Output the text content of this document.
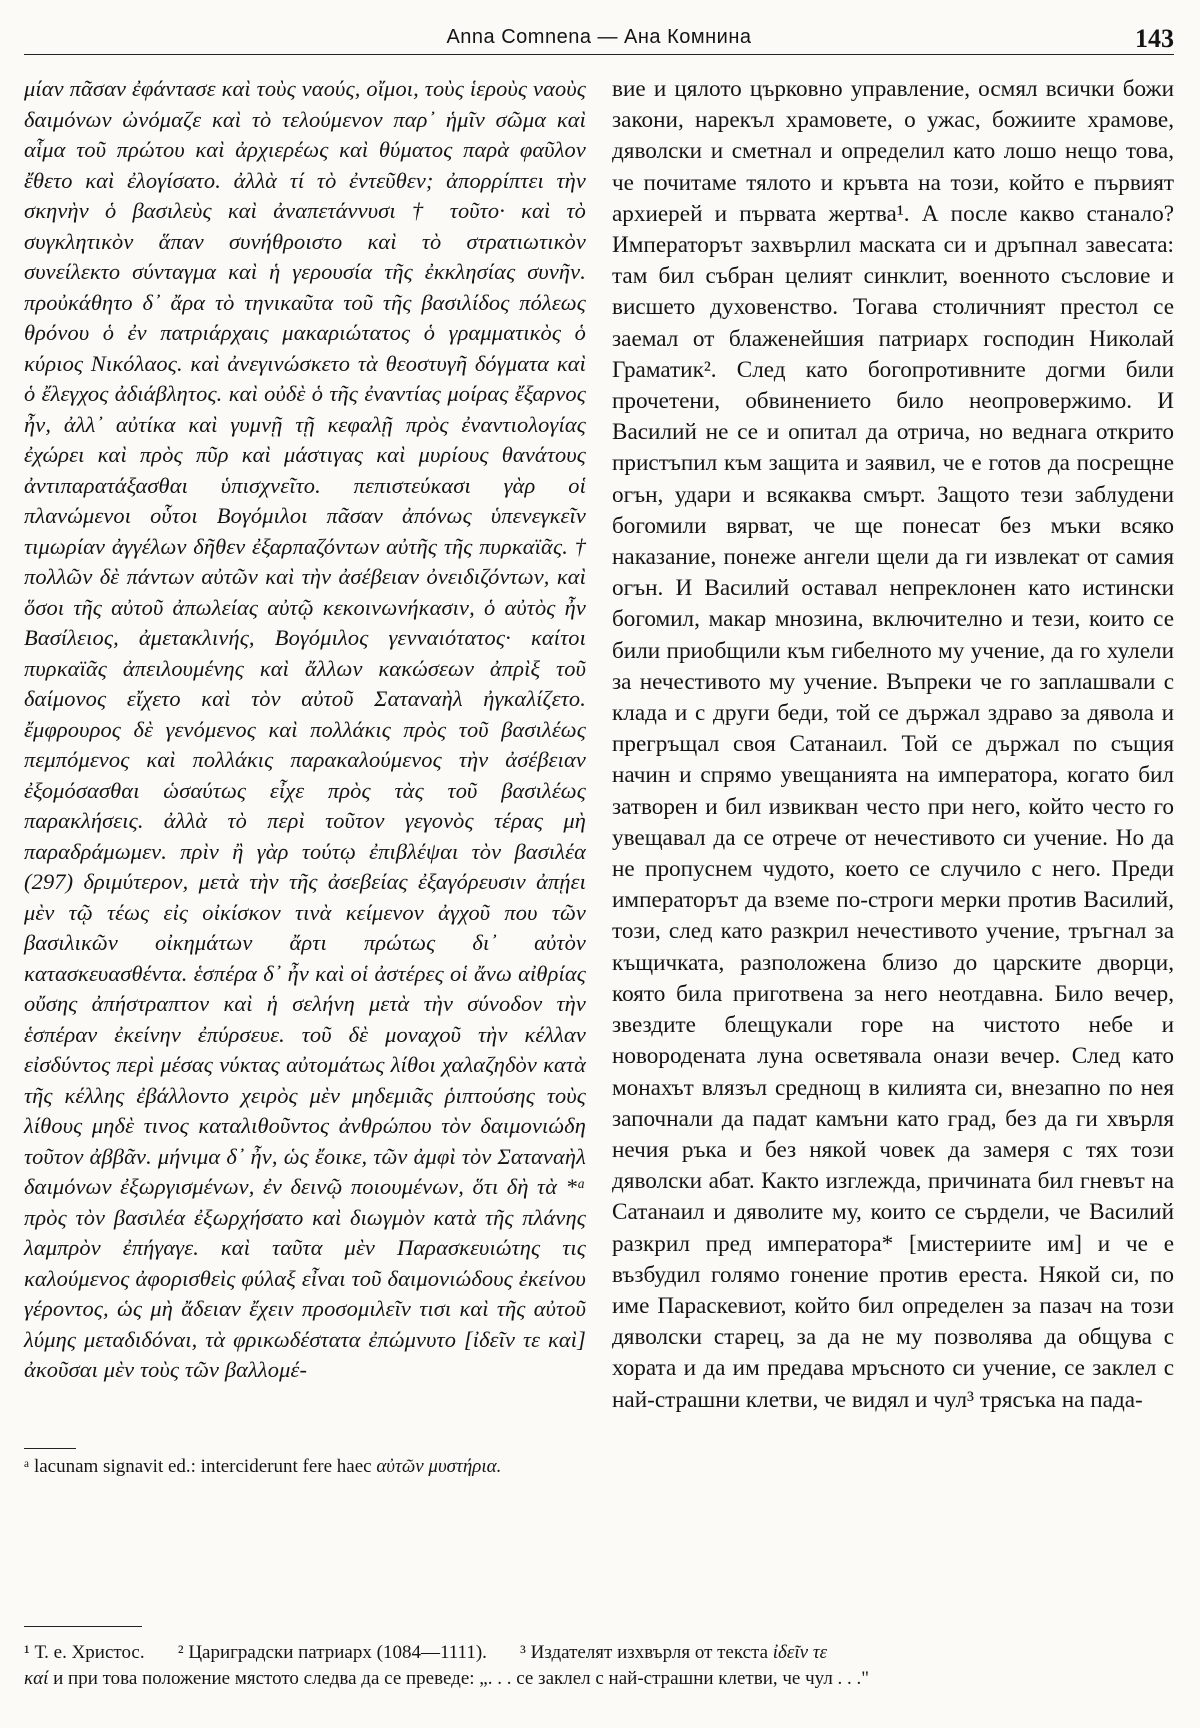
Anna Comnena — Ана Комнина	143

μίαν πᾶσαν ἐφάντασε καὶ τοὺς ναούς, οἴμοι, τοὺς ἱεροὺς ναοὺς δαιμόνων ὠνόμαζε καὶ τὸ τελούμενον παρ᾽ ἡμῖν σῶμα καὶ αἷμα τοῦ πρώτου καὶ ἀρχιερέως καὶ θύματος παρὰ φαῦλον ἔθετο καὶ ἐλογίσατο. ἀλλὰ τί τὸ ἐντεῦθεν; ἀπορρίπτει τὴν σκηνὴν ὁ βασιλεὺς καὶ ἀναπετάννυσι † τοῦτο· καὶ τὸ συγκλητικὸν ἅπαν συνήθροιστο καὶ τὸ στρατιωτικὸν συνείλεκτο σύνταγμα καὶ ἡ γερουσία τῆς ἐκκλησίας συνῆν. προὐκάθητο δ᾽ ἄρα τὸ τηνικαῦτα τοῦ τῆς βασιλίδος πόλεως θρόνου ὁ ἐν πατριάρχαις μακαριώτατος ὁ γραμματικὸς ὁ κύριος Νικόλαος. καὶ ἀνεγινώσκετο τὰ θεοστυγῆ δόγματα καὶ ὁ ἔλεγχος ἀδιάβλητος. καὶ οὐδὲ ὁ τῆς ἐναντίας μοίρας ἔξαρνος ἦν, ἀλλ᾽ αὐτίκα καὶ γυμνῇ τῇ κεφαλῇ πρὸς ἐναντιολογίας ἐχώρει καὶ πρὸς πῦρ καὶ μάστιγας καὶ μυρίους θανάτους ἀντιπαρατάξασθαι ὑπισχνεῖτο. πεπιστεύκασι γὰρ οἱ πλανώμενοι οὗτοι Βογόμιλοι πᾶσαν ἀπόνως ὑπενεγκεῖν τιμωρίαν ἀγγέλων δῆθεν ἐξαρπαζόντων αὐτῆς τῆς πυρκαϊᾶς. † πολλῶν δὲ πάντων αὐτῶν καὶ τὴν ἀσέβειαν ὀνειδιζόντων, καὶ ὅσοι τῆς αὐτοῦ ἀπωλείας αὐτῷ κεκοινωνήκασιν, ὁ αὐτὸς ἦν Βασίλειος, ἀμετακλινής, Βογόμιλος γενναιότατος· καίτοι πυρκαϊᾶς ἀπειλουμένης καὶ ἄλλων κακώσεων ἀπρὶξ τοῦ δαίμονος εἴχετο καὶ τὸν αὐτοῦ Σαταναὴλ ἠγκαλίζετο. ἔμφρουρος δὲ γενόμενος καὶ πολλάκις πρὸς τοῦ βασιλέως πεμπόμενος καὶ πολλάκις παρακαλούμενος τὴν ἀσέβειαν ἐξομόσασθαι ὡσαύτως εἶχε πρὸς τὰς τοῦ βασιλέως παρακλήσεις. ἀλλὰ τὸ περὶ τοῦτον γεγονὸς τέρας μὴ παραδράμωμεν. πρὶν ἢ γὰρ τούτῳ ἐπιβλέψαι τὸν βασιλέα (297) δριμύτερον, μετὰ τὴν τῆς ἀσεβείας ἐξαγόρευσιν ἀπῄει μὲν τῷ τέως εἰς οἰκίσκον τινὰ κείμενον ἀγχοῦ που τῶν βασιλικῶν οἰκημάτων ἄρτι πρώτως δι᾽ αὐτὸν κατασκευασθέντα. ἑσπέρα δ᾽ ἦν καὶ οἱ ἀστέρες οἱ ἄνω αἰθρίας οὔσης ἀπήστραπτον καὶ ἡ σελήνη μετὰ τὴν σύνοδον τὴν ἑσπέραν ἐκείνην ἐπύρσευε. τοῦ δὲ μοναχοῦ τὴν κέλλαν εἰσδύντος περὶ μέσας νύκτας αὐτομάτως λίθοι χαλαζηδὸν κατὰ τῆς κέλλης ἐβάλλοντο χειρὸς μὲν μηδεμιᾶς ῥιπτούσης τοὺς λίθους μηδὲ τινος καταλιθοῦντος ἀνθρώπου τὸν δαιμονιώδη τοῦτον ἀββᾶν. μήνιμα δ᾽ ἦν, ὡς ἔοικε, τῶν ἀμφὶ τὸν Σαταναὴλ δαιμόνων ἐξωργισμένων, ἐν δεινῷ ποιουμένων, ὅτι δὴ τὰ *ᵃ πρὸς τὸν βασιλέα ἐξωρχήσατο καὶ διωγμὸν κατὰ τῆς πλάνης λαμπρὸν ἐπήγαγε. καὶ ταῦτα μὲν Παρασκευιώτης τις καλούμενος ἀφορισθεὶς φύλαξ εἶναι τοῦ δαιμονιώδους ἐκείνου γέροντος, ὡς μὴ ἄδειαν ἔχειν προσομιλεῖν τισι καὶ τῆς αὐτοῦ λύμης μεταδιδόναι, τὰ φρικωδέστατα ἐπώμνυτο [ἰδεῖν τε καὶ] ἀκοῦσαι μὲν τοὺς τῶν βαλλομέ-

вие и цялото църковно управление, осмял всички божи закони, нарекъл храмовете, о ужас, божиите храмове, дяволски и сметнал и определил като лошо нещо това, че почитаме тялото и кръвта на този, който е първият архиерей и първата жертва¹. А после какво станало? Императорът захвърлил маската си и дръпнал завесата: там бил събран целият синклит, военното съсловие и висшето духовенство. Тогава столичният престол се заемал от блаженейшия патриарх господин Николай Граматик². След като богопротивните догми били прочетени, обвинението било неопровержимо. И Василий не се и опитал да отрича, но веднага открито пристъпил към защита и заявил, че е готов да посрещне огън, удари и всякаква смърт. Защото тези заблудени богомили вярват, че ще понесат без мъки всяко наказание, понеже ангели щели да ги извлекат от самия огън. И Василий оставал непреклонен като истински богомил, макар мнозина, включително и тези, които се били приобщили към гибелното му учение, да го хулели за нечестивото му учение. Въпреки че го заплашвали с клада и с други беди, той се държал здраво за дявола и прегръщал своя Сатанаил. Той се държал по същия начин и спрямо увещанията на императора, когато бил затворен и бил извикван често при него, който често го увещавал да се отрече от нечестивото си учение. Но да не пропуснем чудото, което се случило с него. Преди императорът да вземе по-строги мерки против Василий, този, след като разкрил нечестивото учение, тръгнал за къщичката, разположена близо до царските дворци, която била приготвена за него неотдавна. Било вечер, звездите блещукали горе на чистото небе и новородената луна осветявала онази вечер. След като монахът влязъл среднощ в килията си, внезапно по нея започнали да падат камъни като град, без да ги хвърля нечия ръка и без някой човек да замеря с тях този дяволски абат. Както изглежда, причината бил гневът на Сатанаил и дяволите му, които се сърдели, че Василий разкрил пред императора* [мистериите им] и че е възбудил голямо гонение против ереста. Някой си, по име Параскевиот, който бил определен за пазач на този дяволски старец, за да не му позволява да общува с хората и да им предава мръсното си учение, се заклел с най-страшни клетви, че видял и чул³ трясъка на пада-

ᵃ lacunam signavit ed.: interciderunt fere haec αὐτῶν μυστήρια.
¹ Т. е. Христос. ² Цариградски патриарх (1084—1111). ³ Издателят изхвърля от текста ἰδεῖν τε
καί и при това положение мястото следва да се преведе: „. . . се заклел с най-страшни клетви, че чул . . ."
